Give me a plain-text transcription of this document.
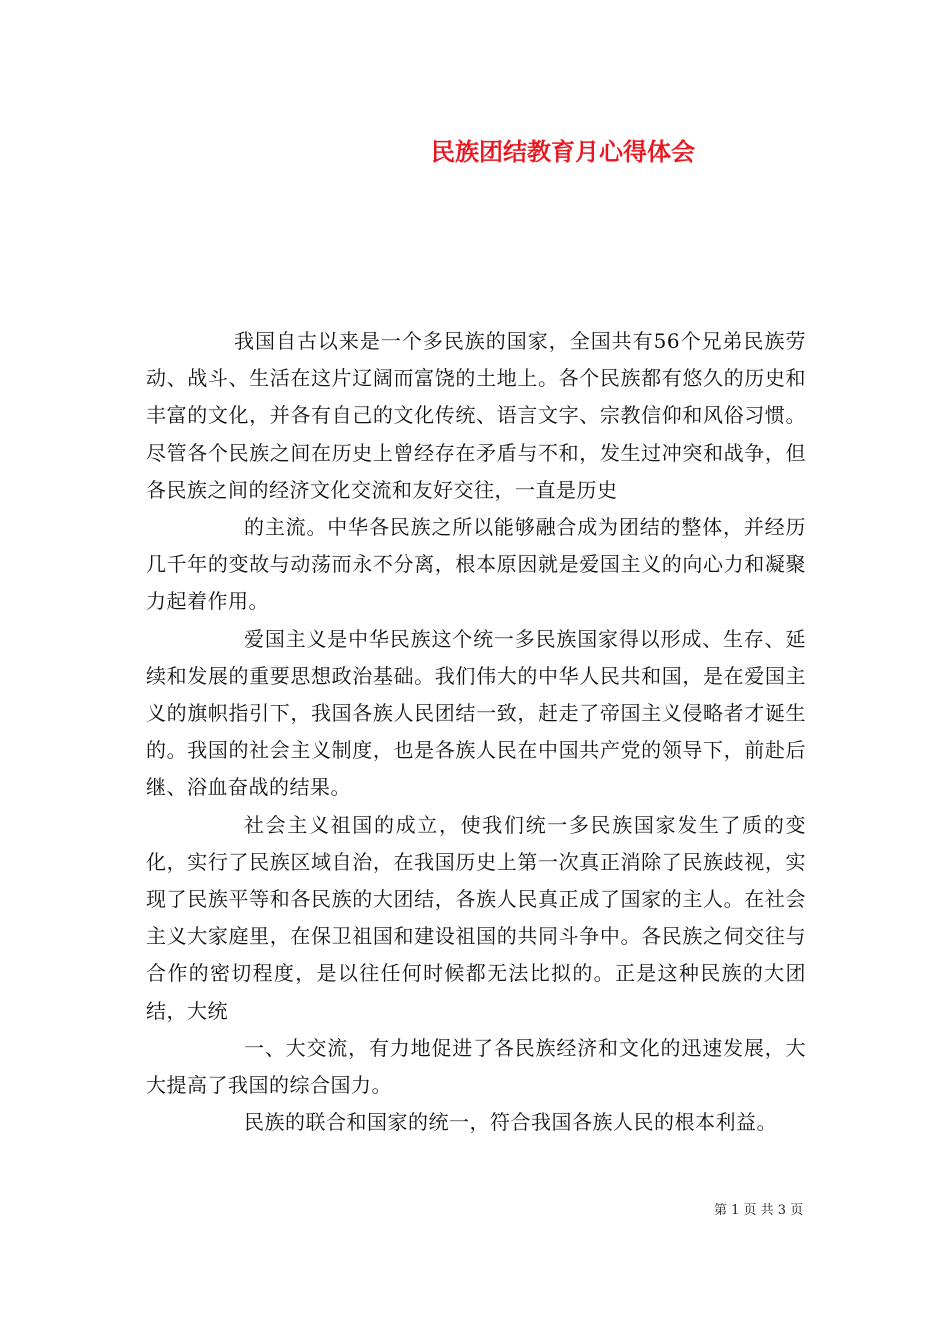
民族团结教育月心得体会

我国自古以来是一个多民族的国家，全国共有56个兄弟民族劳动、战斗、生活在这片辽阔而富饶的土地上。各个民族都有悠久的历史和丰富的文化，并各有自己的文化传统、语言文字、宗教信仰和风俗习惯。尽管各个民族之间在历史上曾经存在矛盾与不和，发生过冲突和战争，但各民族之间的经济文化交流和友好交往，一直是历史

的主流。中华各民族之所以能够融合成为团结的整体，并经历几千年的变故与动荡而永不分离，根本原因就是爱国主义的向心力和凝聚力起着作用。

爱国主义是中华民族这个统一多民族国家得以形成、生存、延续和发展的重要思想政治基础。我们伟大的中华人民共和国，是在爱国主义的旗帜指引下，我国各族人民团结一致，赶走了帝国主义侵略者才诞生的。我国的社会主义制度，也是各族人民在中国共产党的领导下，前赴后继、浴血奋战的结果。

社会主义祖国的成立，使我们统一多民族国家发生了质的变化，实行了民族区域自治，在我国历史上第一次真正消除了民族歧视，实现了民族平等和各民族的大团结，各族人民真正成了国家的主人。在社会主义大家庭里，在保卫祖国和建设祖国的共同斗争中。各民族之伺交往与合作的密切程度，是以往任何时候都无法比拟的。正是这种民族的大团结，大统

一、大交流，有力地促进了各民族经济和文化的迅速发展，大大提高了我国的综合国力。

民族的联合和国家的统一，符合我国各族人民的根本利益。

第 1 页 共 3 页
